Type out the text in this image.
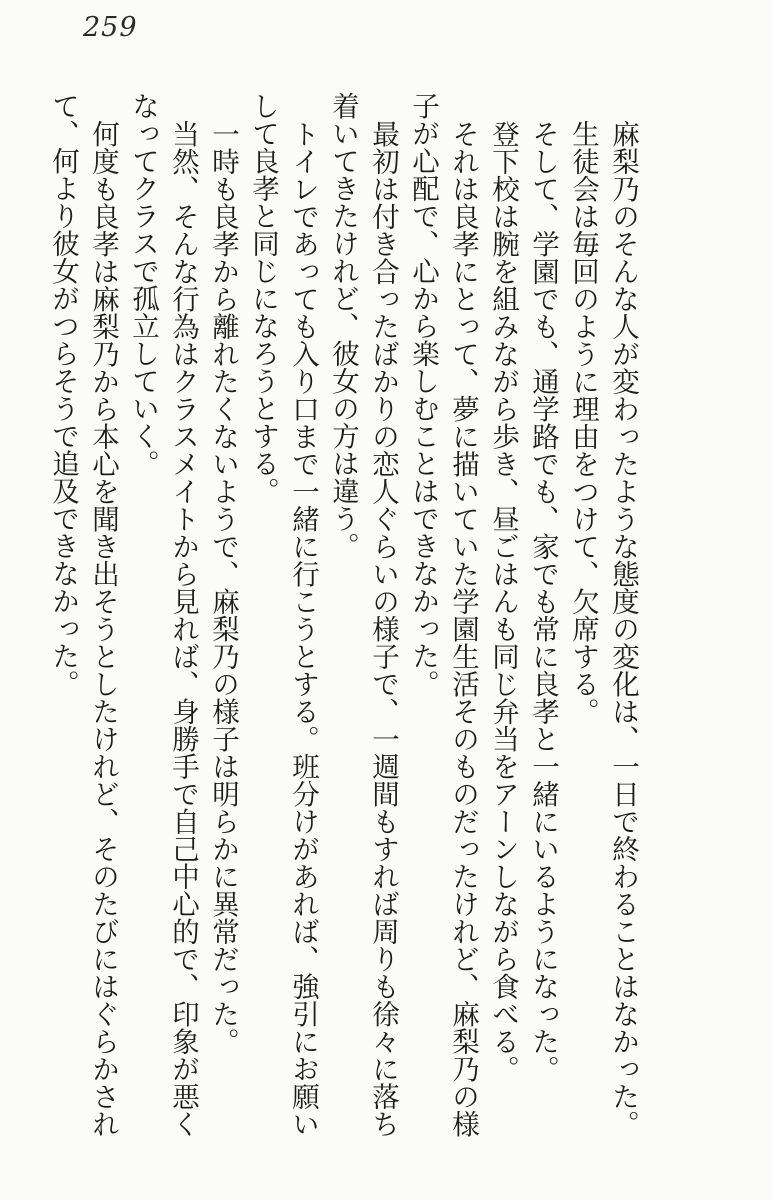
259
麻梨乃のそんな人が変わったような態度の変化は、一日で終わることはなかった。
生徒会は毎回のように理由をつけて、欠席する。
そして、学園でも、通学路でも、家でも常に良孝と一緒にいるようになった。
登下校は腕を組みながら歩き、昼ごはんも同じ弁当をアーンしながら食べる。
それは良孝にとって、夢に描いていた学園生活そのものだったけれど、麻梨乃の様
子が心配で、心から楽しむことはできなかった。
最初は付き合ったばかりの恋人ぐらいの様子で、一週間もすれば周りも徐々に落ち
着いてきたけれど、彼女の方は違う。
トイレであっても入り口まで一緒に行こうとする。班分けがあれば、強引にお願い
して良孝と同じになろうとする。
一時も良孝から離れたくないようで、麻梨乃の様子は明らかに異常だった。
当然、そんな行為はクラスメイトから見れば、身勝手で自己中心的で、印象が悪く
なってクラスで孤立していく。
何度も良孝は麻梨乃から本心を聞き出そうとしたけれど、そのたびにはぐらかされ
て、何より彼女がつらそうで追及できなかった。
